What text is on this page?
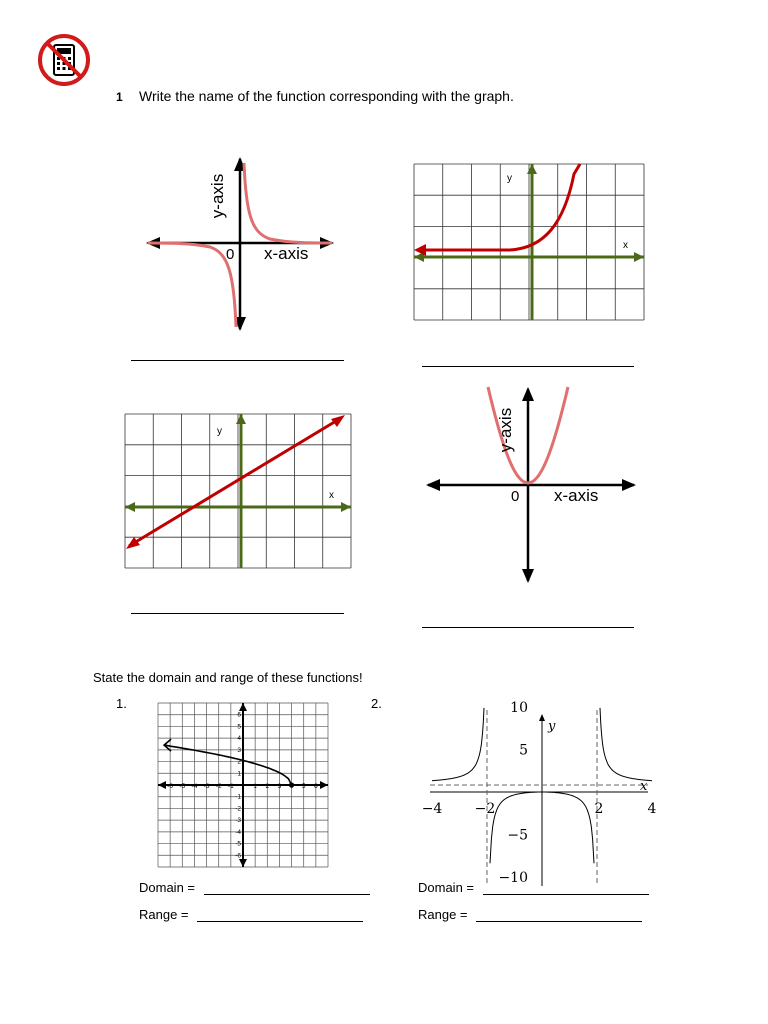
1 Write the name of the function corresponding with the graph.
y-axis
0 x-axis
y
x
y
x
y-axis
0 x-axis
State the domain and range of these functions!
1.	2.
-6 -5 -4 -3 -2 -1	1 2 3	5 6
6
5
4
3
2
1
-1
-2
-3
-4
-5
-6
−4 −2	2	4
10
5
−5
−10
x
y
Domain =
Range =
Domain =
Range =
